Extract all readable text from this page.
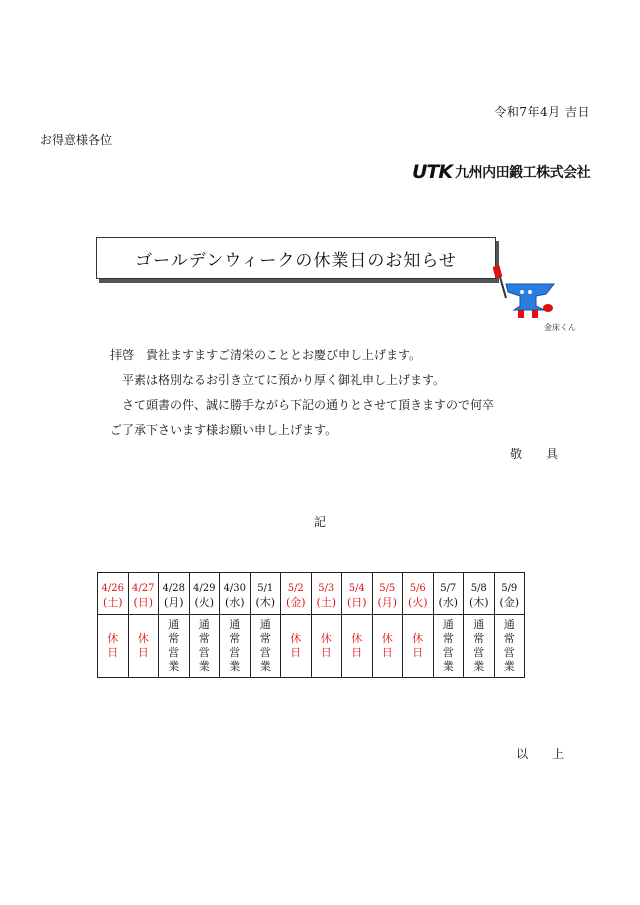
令和7年4月 吉日
お得意様各位
UTK 九州内田鍛工株式会社
ゴールデンウィークの休業日のお知らせ
金床くん

拝啓　貴社ますますご清栄のこととお慶び申し上げます。

　平素は格別なるお引き立てに預かり厚く御礼申し上げます。

　さて頭書の件、誠に勝手ながら下記の通りとさせて頂きますので何卒

ご了承下さいます様お願い申し上げます。

敬 具
記
4/26	4/27	4/28	4/29	4/30	5/1	5/2	5/3	5/4	5/5	5/6	5/7	5/8	5/9
(土)	(日)	(月)	(火)	(水)	(木)	(金)	(土)	(日)	(月)	(火)	(水)	(木)	(金)
休日	休日	通常営業	通常営業	通常営業	通常営業	休日	休日	休日	休日	休日	通常営業	通常営業	通常営業
以 上
